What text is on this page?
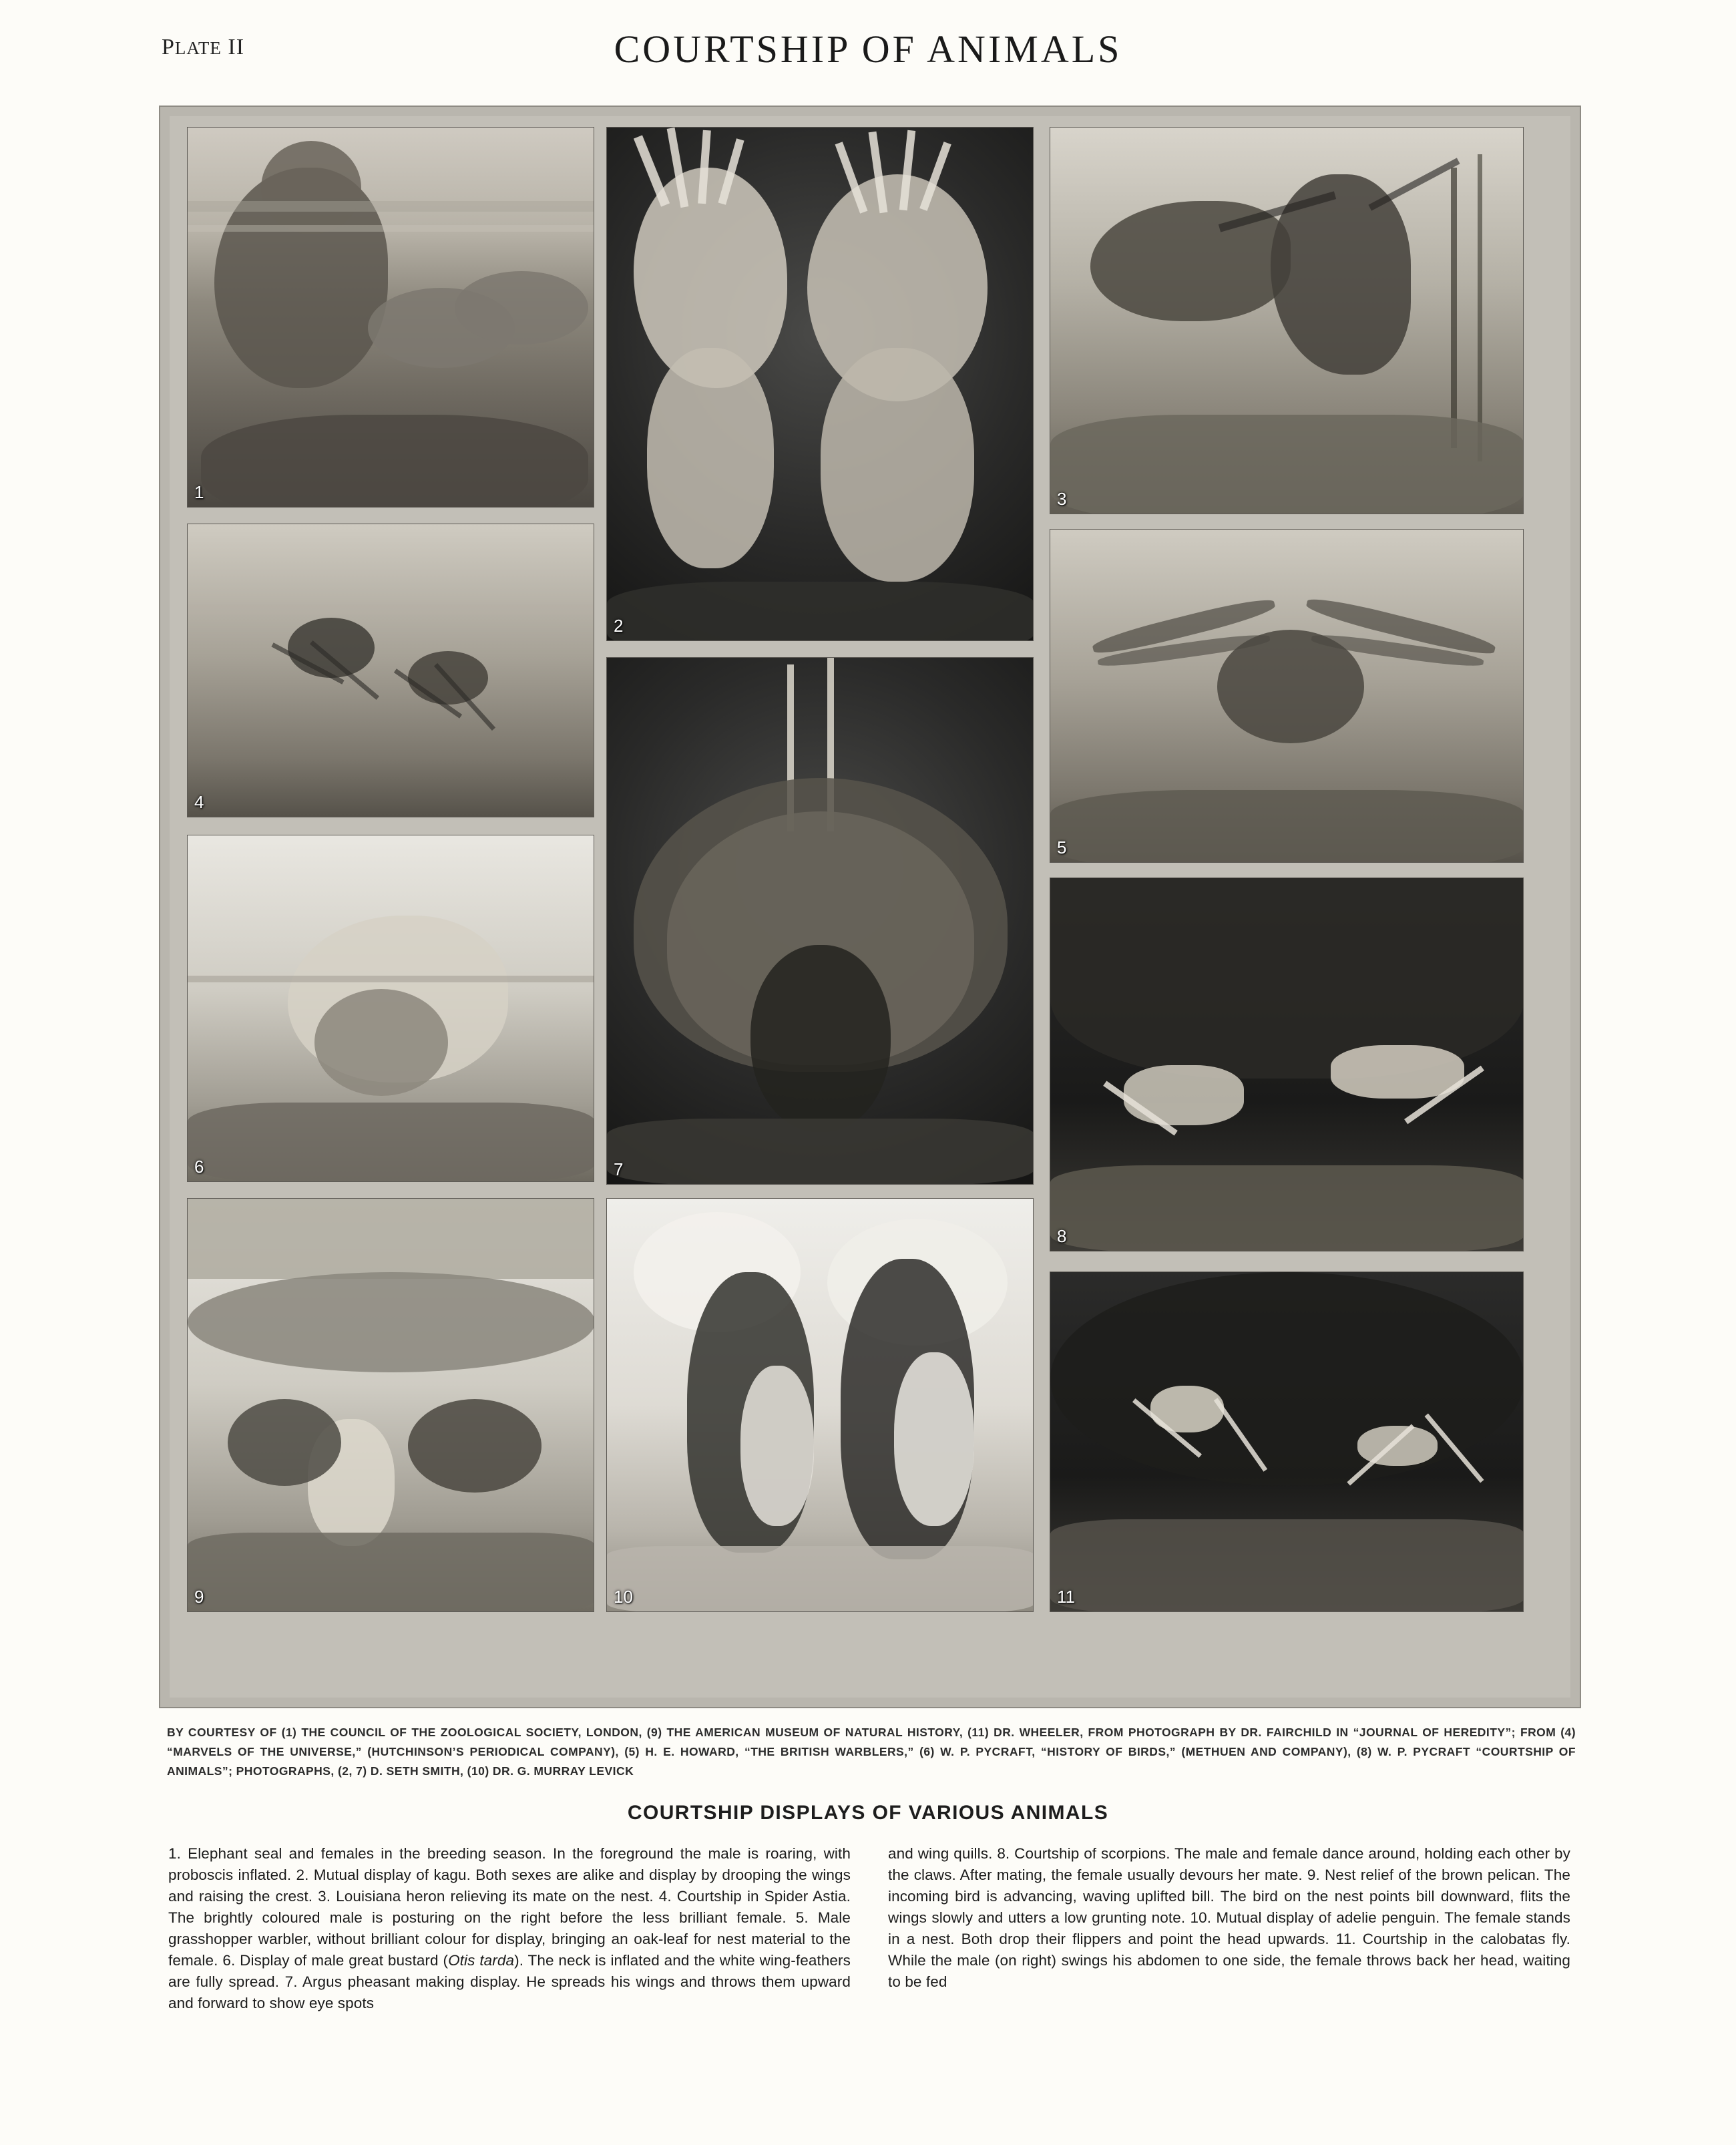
PLATE II	COURTSHIP OF ANIMALS
1
2
3
4
5
6	7
8
9	10	11
BY COURTESY OF (1) THE COUNCIL OF THE ZOOLOGICAL SOCIETY, LONDON, (9) THE AMERICAN MUSEUM OF NATURAL HISTORY, (11) DR. WHEELER, FROM PHOTOGRAPH BY DR. FAIRCHILD IN “JOURNAL OF HEREDITY”; FROM (4) “MARVELS OF THE UNIVERSE,” (HUTCHINSON’S PERIODICAL COMPANY), (5) H. E. HOWARD, “THE BRITISH WARBLERS,” (6) W. P. PYCRAFT, “HISTORY OF BIRDS,” (METHUEN AND COMPANY), (8) W. P. PYCRAFT “COURTSHIP OF ANIMALS”; PHOTOGRAPHS, (2, 7) D. SETH SMITH, (10) DR. G. MURRAY LEVICK
COURTSHIP DISPLAYS OF VARIOUS ANIMALS
1. Elephant seal and females in the breeding season. In the foreground the male is roaring, with proboscis inflated. 2. Mutual display of kagu. Both sexes are alike and display by drooping the wings and raising the crest. 3. Louisiana heron relieving its mate on the nest. 4. Courtship in Spider Astia. The brightly coloured male is posturing on the right before the less brilliant female. 5. Male grasshopper warbler, without brilliant colour for display, bringing an oak-leaf for nest material to the female. 6. Display of male great bustard (Otis tarda). The neck is inflated and the white wing-feathers are fully spread. 7. Argus pheasant making display. He spreads his wings and throws them upward and forward to show eye spots
and wing quills. 8. Courtship of scorpions. The male and female dance around, holding each other by the claws. After mating, the female usually devours her mate. 9. Nest relief of the brown pelican. The incoming bird is advancing, waving uplifted bill. The bird on the nest points bill downward, flits the wings slowly and utters a low grunting note. 10. Mutual display of adelie penguin. The female stands in a nest. Both drop their flippers and point the head upwards. 11. Courtship in the calobatas fly. While the male (on right) swings his abdomen to one side, the female throws back her head, waiting to be fed
